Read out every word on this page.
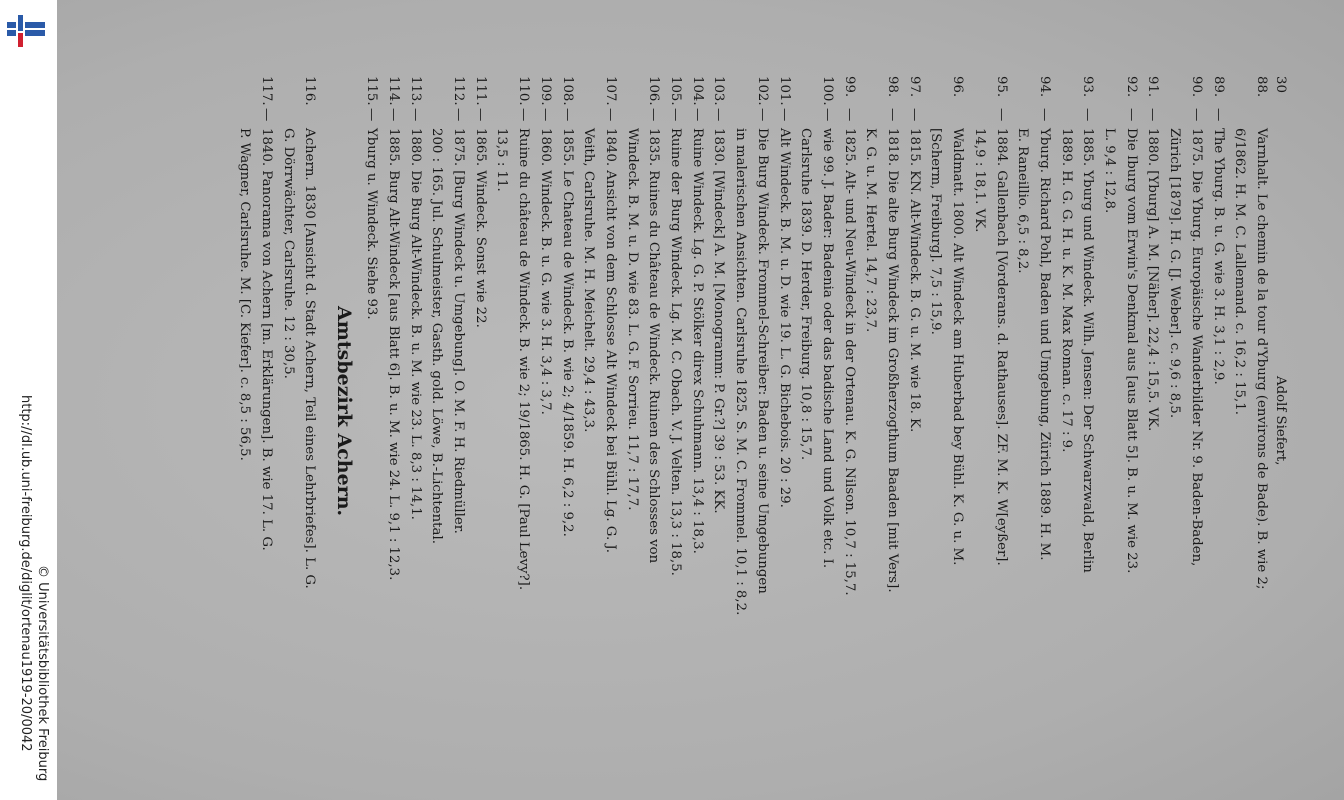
© Universitätsbibliothek Freiburg
http://dl.ub.uni-freiburg.de/diglit/ortenau1919-20/0042
30
Adolf Siefert,
88.
Varnhalt. Le chemin de la tour d'Yburg (environs de Bade). B. wie 2;
6/1862. H. M. C. Lallemand. c. 16,2 : 15,1.
89.
—
The Yburg. B. u. G. wie 3. H. 3,1 : 2,9.
90.
—
1875. Die Yburg. Europäische Wanderbilder Nr. 9. Baden-Baden,
Zürich [1879]. H. G. [J. Weber]. c. 9,6 : 8,5.
91.
—
1880. [Yburg] A. M. [Näher]. 22,4 : 15,5. VK.
92.
—
Die Iburg vom Erwin's Denkmal aus [aus Blatt 5]. B. u. M. wie 23.
L. 9,4 : 12,8.
93.
—
1885. Yburg und Windeck. Wilh. Jensen: Der Schwarzwald, Berlin
1889. H. G. G. H. u. K. M. Max Roman. c. 17 : 9.
94.
—
Yburg. Richard Pohl, Baden und Umgebung, Zürich 1889. H. M.
E. Raneillio. 6,5 : 8,2.
95.
—
1884. Gallenbach [Vorderans. d. Rathauses]. ZF. M. K. W[eyßer].
14,9 : 18,1. VK.
96.
Waldmatt. 1800. Alt Windeck am Huberbad bey Bühl. K. G. u. M.
[Scherm, Freiburg]. 7,5 : 15,9.
97.
—
1815. KN. Alt-Windeck. B. G. u. M. wie 18. K.
98.
—
1818. Die alte Burg Windeck im Großherzogthum Baaden [mit Vers].
K. G. u. M. Hertel. 14,7 : 23,7.
99.
—
1825. Alt- und Neu-Windeck in der Ortenau. K. G. Nilson. 10,7 : 15,7.
100.
—
wie 99. J. Bader: Badenia oder das badische Land und Volk etc. I.
Carlsruhe 1839. D. Herder, Freiburg. 10,8 : 15,7.
101.
—
Alt Windeck. B. M. u. D. wie 19. L. G. Bichebois. 20 : 29.
102.
—
Die Burg Windeck. Frommel-Schreiber: Baden u. seine Umgebungen
in malerischen Ansichten. Carlsruhe 1825. S. M. C. Frommel. 10,1 : 8,2.
103.
—
1830. [Windeck] A. M. [Monogramm: P. Gr.?] 39 : 53. KK.
104.
—
Ruine Windeck. Lg. G. P. Stölker direx Schuhmann. 13,4 : 18,3.
105.
—
Ruine der Burg Windeck. Lg. M. C. Obach. V. J. Velten. 13,3 : 18,5.
106.
—
1835. Ruines du Château de Windeck. Ruinen des Schlosses von
Windeck. B. M. u. D. wie 83. L. G. F. Sorrieu. 11,7 : 17,7.
107.
—
1840. Ansicht von dem Schlosse Alt Windeck bei Bühl. Lg. G. J.
Veith, Carlsruhe. M. H. Meichelt. 29,4 : 43,3.
108.
—
1855. Le Chateau de Windeck. B. wie 2; 4/1859. H. 6,2 : 9,2.
109.
—
1860. Windeck. B. u. G. wie 3. H. 3,4 : 3,7.
110.
—
Ruine du château de Windeck. B. wie 2; 19/1865. H. G. [Paul Levy?].
13,5 : 11.
111.
—
1865. Windeck. Sonst wie 22.
112.
—
1875. [Burg Windeck u. Umgebung]. O. M. F. H. Riedmüller.
200 : 165. Jul. Schulmeister, Gasth. gold. Löwe, B.-Lichtental.
113.
—
1880. Die Burg Alt-Windeck. B. u. M. wie 23. L. 8,3 : 14,1.
114.
—
1885. Burg Alt-Windeck [aus Blatt 6]. B. u. M. wie 24. L. 9,1 : 12,3.
115.
—
Yburg u. Windeck. Siehe 93.
116.
Achern. 1830 [Ansicht d. Stadt Achern, Teil eines Lehrbriefes]. L. G.
G. Dörrwächter, Carlsruhe. 12 : 30,5.
117.
—
1840. Panorama von Achern [m. Erklärungen]. B. wie 17. L. G.
P. Wagner, Carlsruhe. M. [C. Kiefer]. c. 8,5 : 56,5.	Amtsbezirk Achern.
